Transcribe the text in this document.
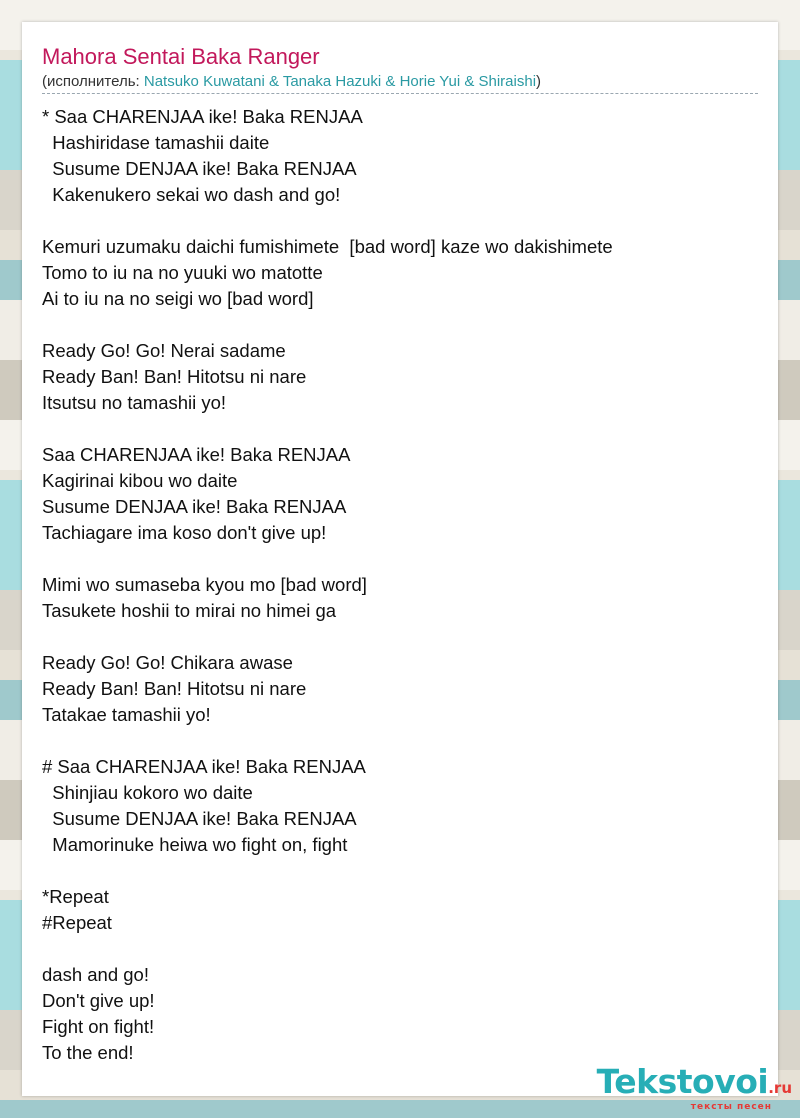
Mahora Sentai Baka Ranger
(исполнитель: Natsuko Kuwatani & Tanaka Hazuki & Horie Yui & Shiraishi)
* Saa CHARENJAA ike! Baka RENJAA
Hashiridase tamashii daite
Susume DENJAA ike! Baka RENJAA
Kakenukero sekai wo dash and go!

Kemuri uzumaku daichi fumishimete  [bad word] kaze wo dakishimete
Tomo to iu na no yuuki wo matotte
Ai to iu na no seigi wo [bad word]

Ready Go! Go! Nerai sadame
Ready Ban! Ban! Hitotsu ni nare
Itsutsu no tamashii yo!

Saa CHARENJAA ike! Baka RENJAA
Kagirinai kibou wo daite
Susume DENJAA ike! Baka RENJAA
Tachiagare ima koso don't give up!

Mimi wo sumaseba kyou mo [bad word]
Tasukete hoshii to mirai no himei ga

Ready Go! Go! Chikara awase
Ready Ban! Ban! Hitotsu ni nare
Tatakae tamashii yo!

# Saa CHARENJAA ike! Baka RENJAA
Shinjiau kokoro wo daite
Susume DENJAA ike! Baka RENJAA
Mamorinuke heiwa wo fight on, fight

*Repeat
#Repeat

dash and go!
Don't give up!
Fight on fight!
To the end!
Tekstovoi.ru
тексты песен
